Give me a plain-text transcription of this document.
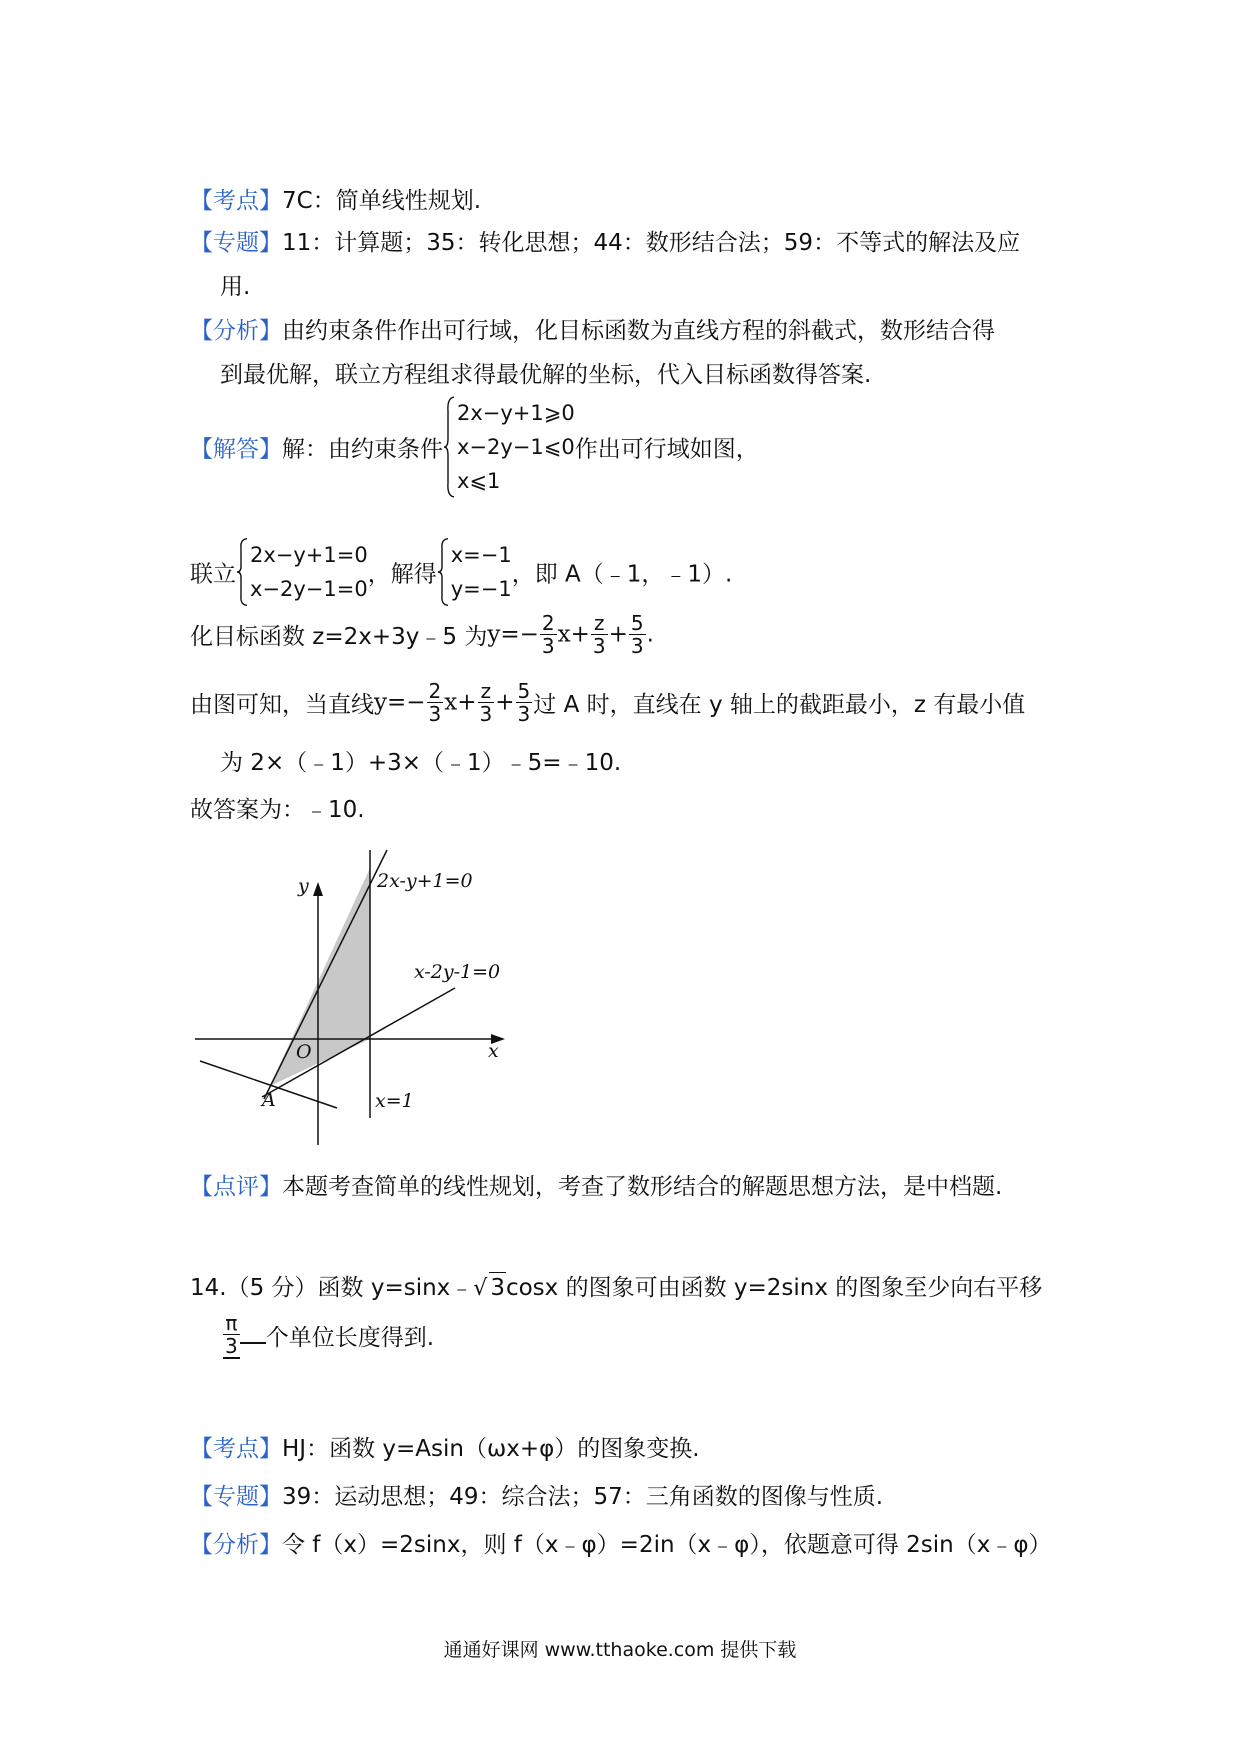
【考点】7C：简单线性规划.
【专题】11：计算题；35：转化思想；44：数形结合法；59：不等式的解法及应
用.
【分析】由约束条件作出可行域，化目标函数为直线方程的斜截式，数形结合得
到最优解，联立方程组求得最优解的坐标，代入目标函数得答案.
【解答】解：由约束条件
2x−y+1⩾0
x−2y−1⩽0
x⩽1
作出可行域如图，
联立
2x−y+1=0
x−2y−1=0
，解得
x=−1
y=−1
，即 A（﹣1，﹣1）.
化目标函数 z=2x+3y﹣5 为$y=- \frac{2}{3} x+ \frac{z}{3} + \frac{5}{3}$ .
由图可知，当直线$y=- \frac{2}{3} x+ \frac{z}{3} + \frac{5}{3}$ 过 A 时，直线在 y 轴上的截距最小，z 有最小值
为 2×（﹣1）+3×（﹣1）﹣5=﹣10.
故答案为：﹣10.
2x-y+1=0
x-2y-1=0
x=1
y
x
O
A
【点评】本题考查简单的线性规划，考查了数形结合的解题思想方法，是中档题.
14.（5 分）函数 y=sinx﹣√ 3cosx 的图象可由函数 y=2sinx 的图象至少向右平移
$\frac{\pi}{3}$ 个单位长度得到.
【考点】HJ：函数 y=Asin（ωx+φ）的图象变换.
【专题】39：运动思想；49：综合法；57：三角函数的图像与性质.
【分析】令 f（x）=2sinx，则 f（x﹣φ）=2in（x﹣φ），依题意可得 2sin（x﹣φ）
通通好课网 www.tthaoke.com 提供下载
